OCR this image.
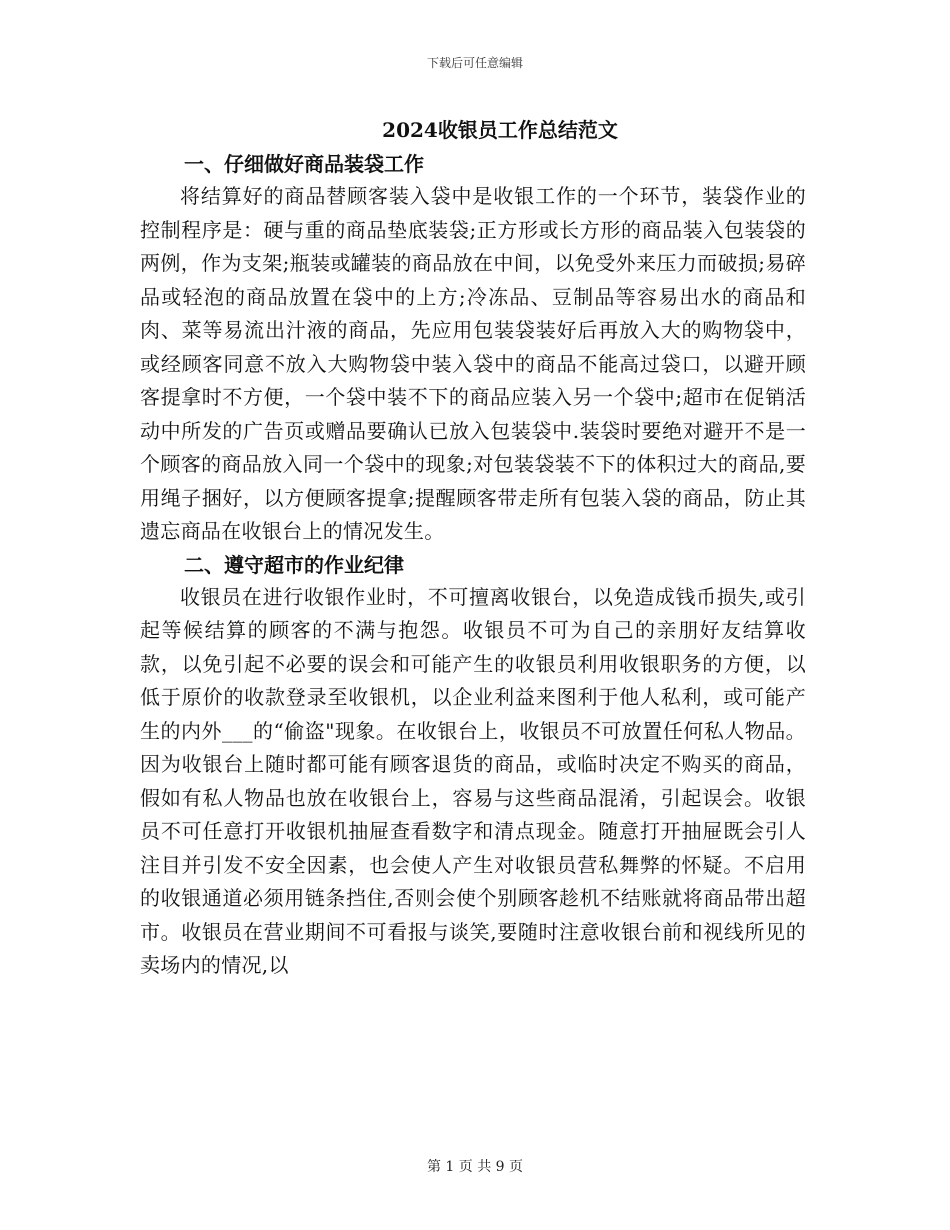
下载后可任意编辑
2024收银员工作总结范文
一、仔细做好商品装袋工作

将结算好的商品替顾客装入袋中是收银工作的一个环节，装袋作业的控制程序是：硬与重的商品垫底装袋;正方形或长方形的商品装入包装袋的两例，作为支架;瓶装或罐装的商品放在中间，以免受外来压力而破损;易碎品或轻泡的商品放置在袋中的上方;冷冻品、豆制品等容易出水的商品和肉、菜等易流出汁液的商品，先应用包装袋装好后再放入大的购物袋中，或经顾客同意不放入大购物袋中装入袋中的商品不能高过袋口，以避开顾客提拿时不方便，一个袋中装不下的商品应装入另一个袋中;超市在促销活动中所发的广告页或赠品要确认已放入包装袋中.装袋时要绝对避开不是一个顾客的商品放入同一个袋中的现象;对包装袋装不下的体积过大的商品,要用绳子捆好，以方便顾客提拿;提醒顾客带走所有包装入袋的商品，防止其遗忘商品在收银台上的情况发生。

二、遵守超市的作业纪律

收银员在进行收银作业时，不可擅离收银台，以免造成钱币损失,或引起等候结算的顾客的不满与抱怨。收银员不可为自己的亲朋好友结算收款，以免引起不必要的误会和可能产生的收银员利用收银职务的方便，以低于原价的收款登录至收银机，以企业利益来图利于他人私利，或可能产生的内外___的“偷盗"现象。在收银台上，收银员不可放置任何私人物品。因为收银台上随时都可能有顾客退货的商品，或临时决定不购买的商品，假如有私人物品也放在收银台上，容易与这些商品混淆，引起误会。收银员不可任意打开收银机抽屉查看数字和清点现金。随意打开抽屉既会引人注目并引发不安全因素，也会使人产生对收银员营私舞弊的怀疑。不启用的收银通道必须用链条挡住,否则会使个别顾客趁机不结账就将商品带出超市。收银员在营业期间不可看报与谈笑,要随时注意收银台前和视线所见的卖场内的情况,以

第 1 页 共 9 页
